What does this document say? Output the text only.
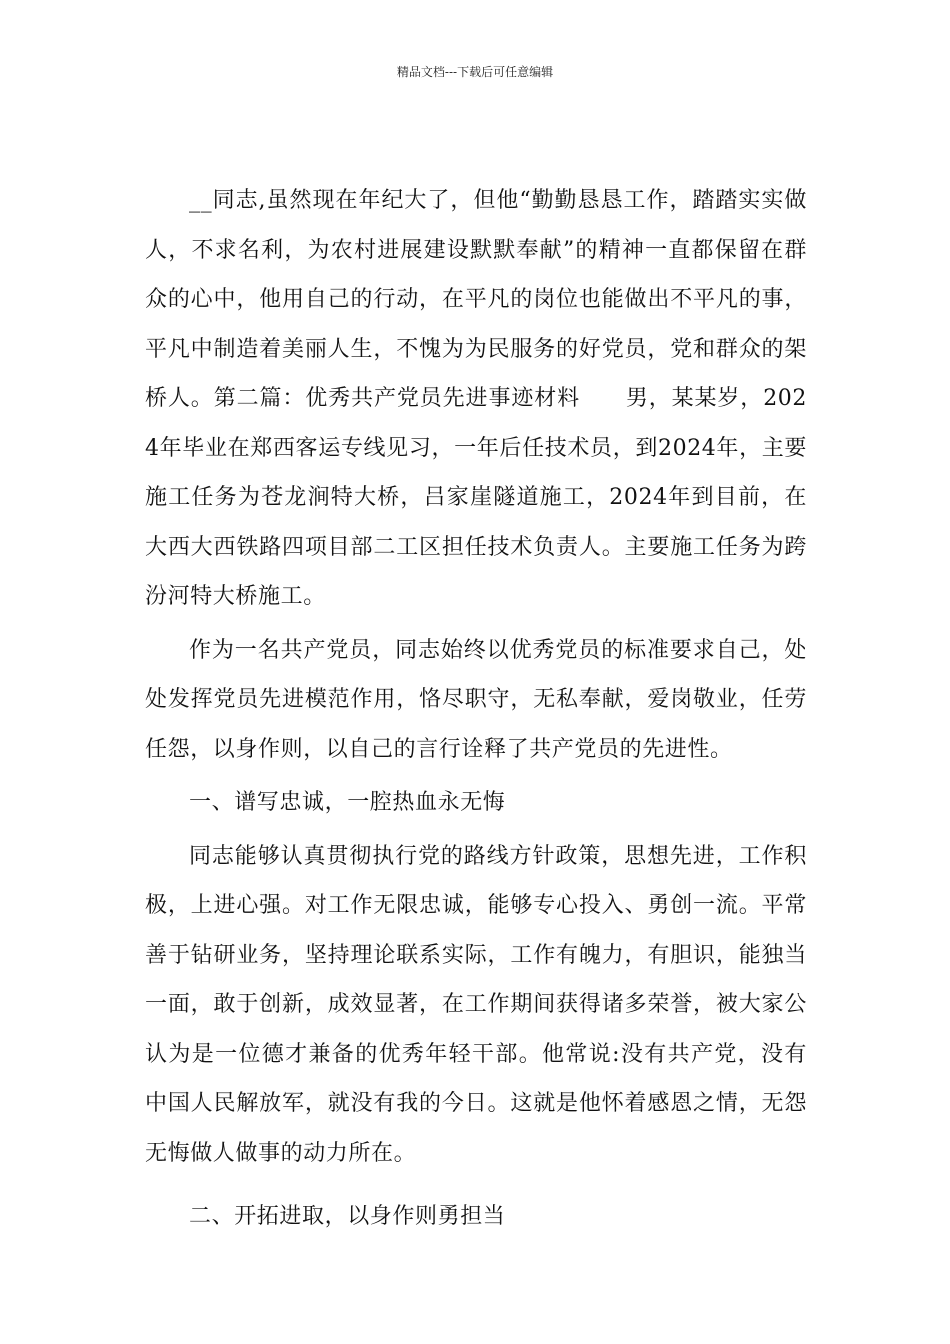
精品文档---下载后可任意编辑

__同志,虽然现在年纪大了，但他“勤勤恳恳工作，踏踏实实做人，不求名利，为农村进展建设默默奉献”的精神一直都保留在群众的心中，他用自己的行动，在平凡的岗位也能做出不平凡的事，平凡中制造着美丽人生，不愧为为民服务的好党员，党和群众的架桥人。第二篇：优秀共产党员先进事迹材料　　男，某某岁，2024年毕业在郑西客运专线见习，一年后任技术员，到2024年，主要施工任务为苍龙涧特大桥，吕家崖隧道施工，2024年到目前，在大西大西铁路四项目部二工区担任技术负责人。主要施工任务为跨汾河特大桥施工。

作为一名共产党员，同志始终以优秀党员的标准要求自己，处处发挥党员先进模范作用，恪尽职守，无私奉献，爱岗敬业，任劳任怨，以身作则，以自己的言行诠释了共产党员的先进性。

一、谱写忠诚，一腔热血永无悔

同志能够认真贯彻执行党的路线方针政策，思想先进，工作积极，上进心强。对工作无限忠诚，能够专心投入、勇创一流。平常善于钻研业务，坚持理论联系实际，工作有魄力，有胆识，能独当一面，敢于创新，成效显著，在工作期间获得诸多荣誉，被大家公认为是一位德才兼备的优秀年轻干部。他常说:没有共产党，没有中国人民解放军，就没有我的今日。这就是他怀着感恩之情，无怨无悔做人做事的动力所在。

二、开拓进取，以身作则勇担当
